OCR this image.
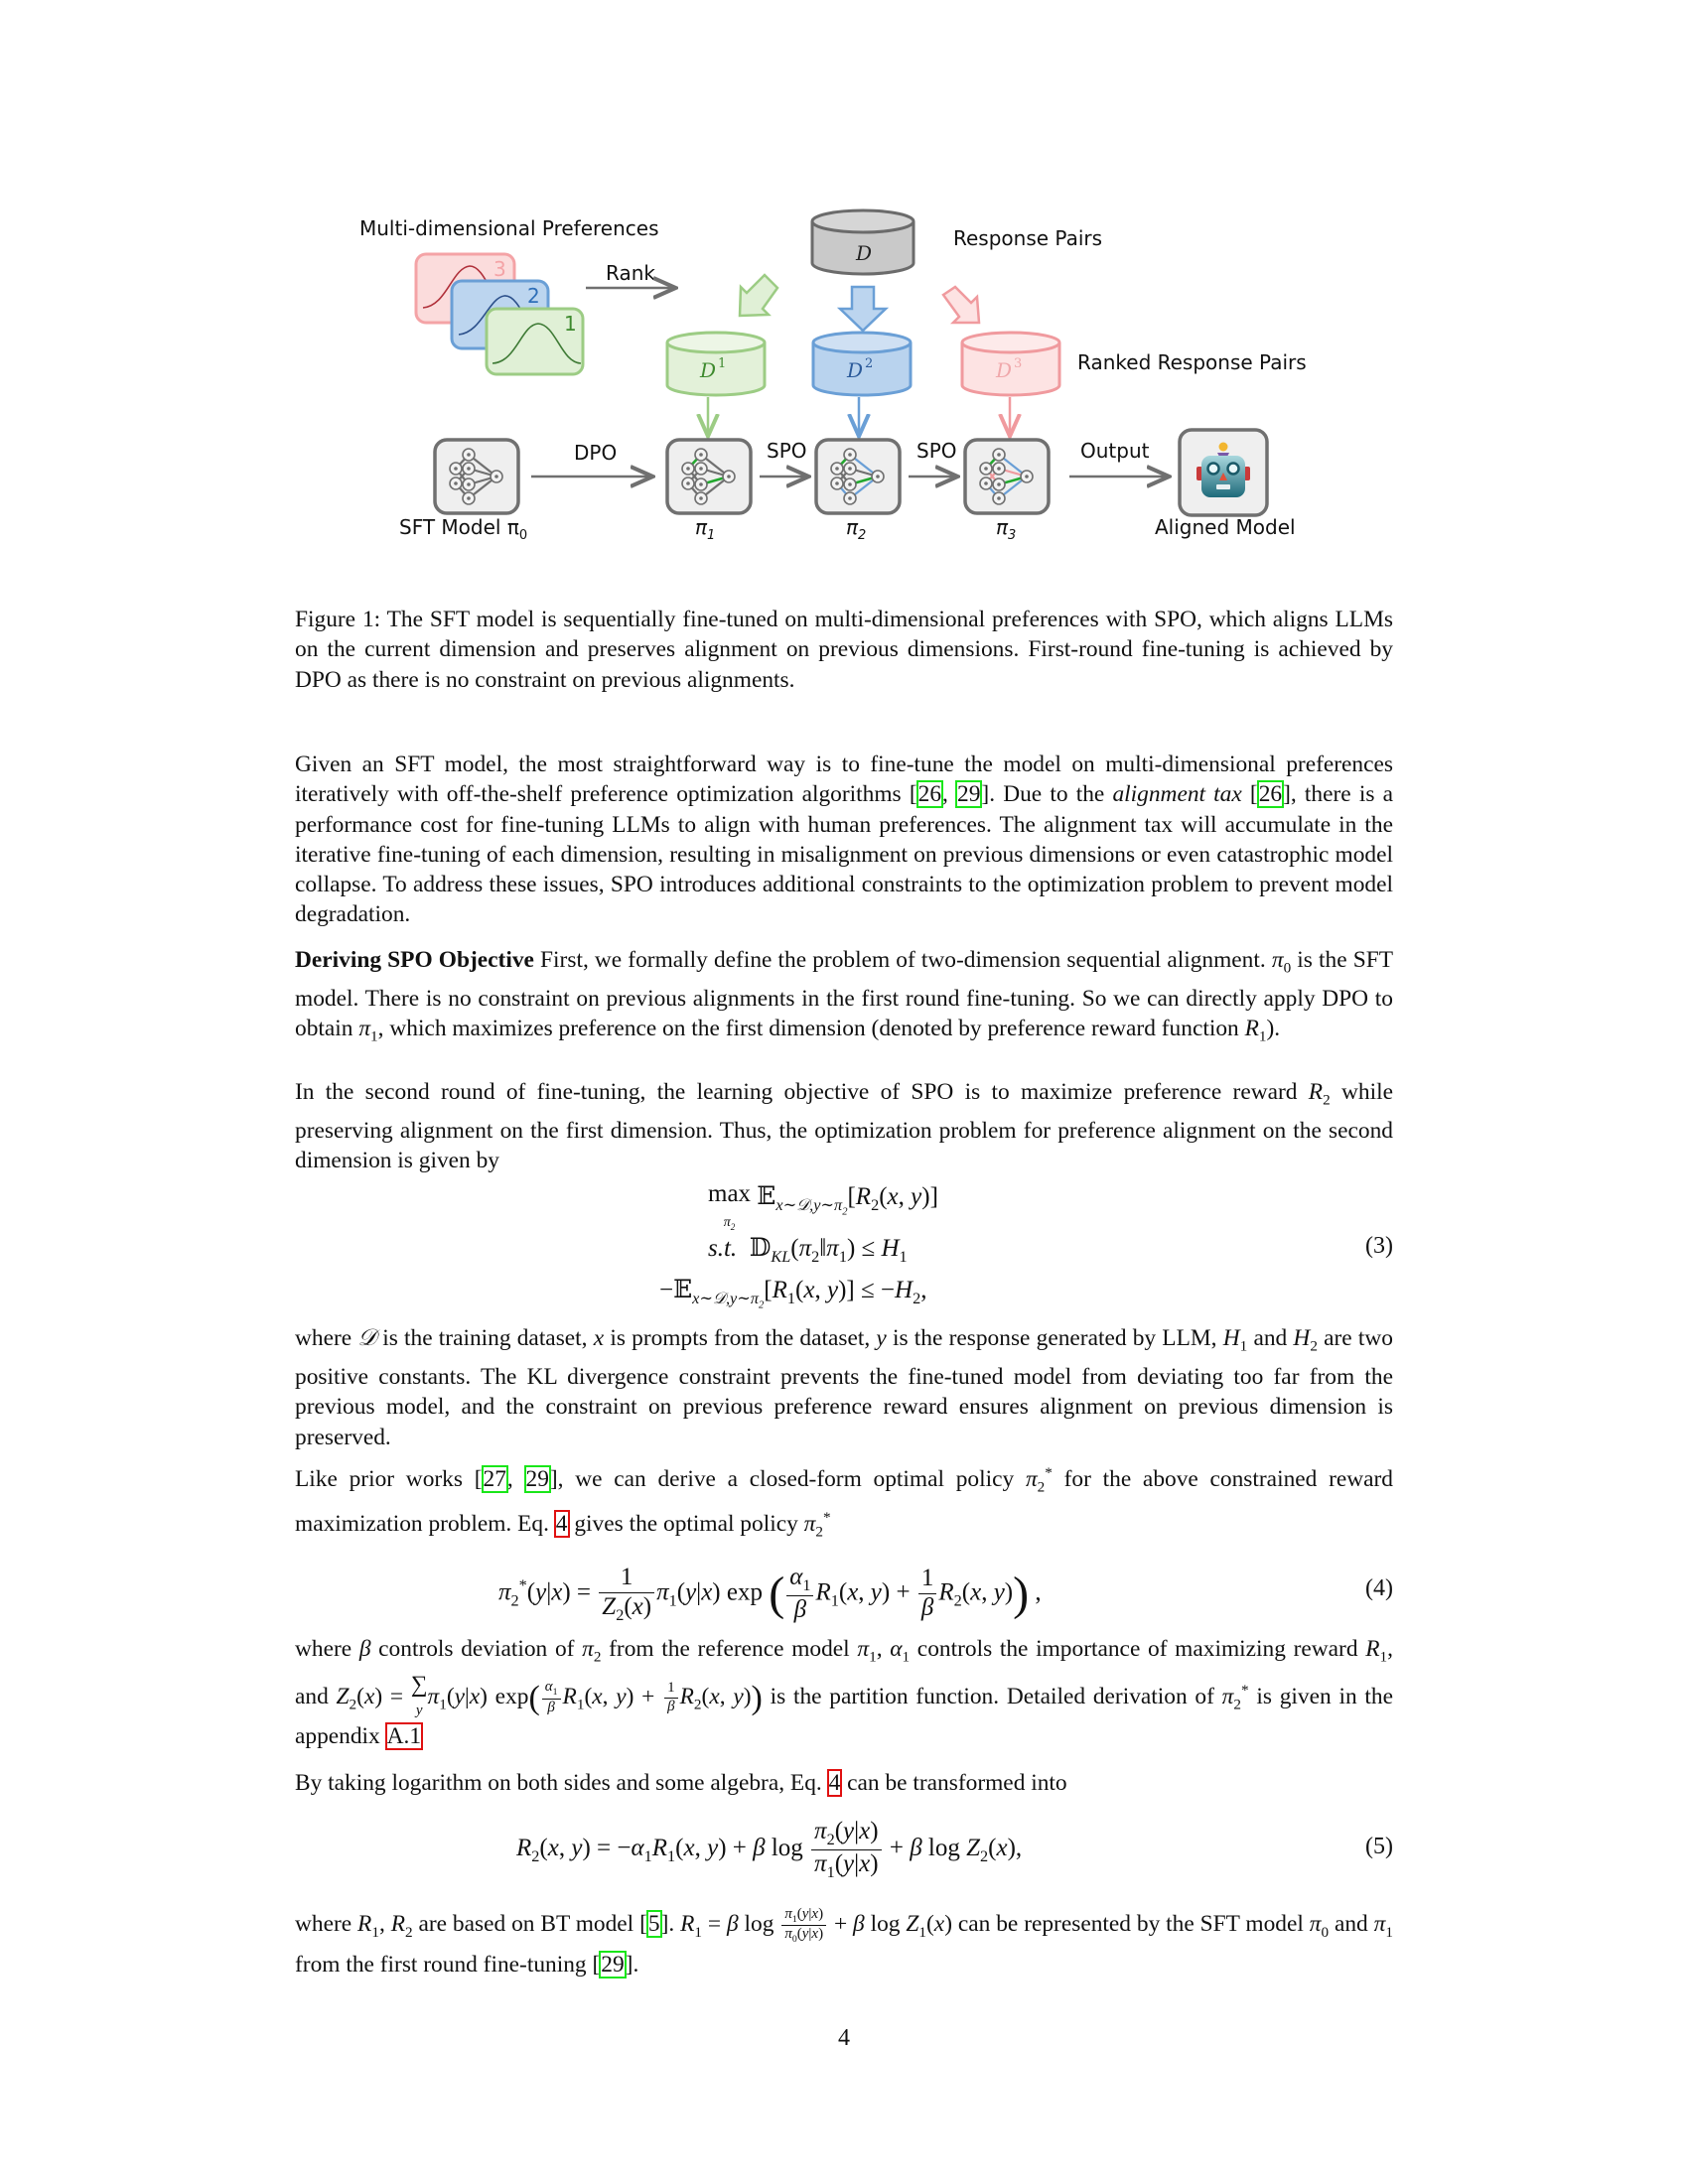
Multi-dimensional Preferences
Rank
Response Pairs
Ranked Response Pairs
DPO	SPO	SPO	Output
SFT Model $\pi_0$	$\pi_1$	$\pi_2$	$\pi_3$	Aligned Model
3
2
1
D
D 1	D 2	D 3

Figure 1: The SFT model is sequentially fine-tuned on multi-dimensional preferences with SPO, which aligns LLMs on the current dimension and preserves alignment on previous dimensions. First-round fine-tuning is achieved by DPO as there is no constraint on previous alignments.

Given an SFT model, the most straightforward way is to fine-tune the model on multi-dimensional preferences iteratively with off-the-shelf preference optimization algorithms [26, 29]. Due to the alignment tax [26], there is a performance cost for fine-tuning LLMs to align with human preferences. The alignment tax will accumulate in the iterative fine-tuning of each dimension, resulting in misalignment on previous dimensions or even catastrophic model collapse. To address these issues, SPO introduces additional constraints to the optimization problem to prevent model degradation.

Deriving SPO Objective First, we formally define the problem of two-dimension sequential alignment. $\pi_0$ is the SFT model. There is no constraint on previous alignments in the first round fine-tuning. So we can directly apply DPO to obtain $\pi_1$, which maximizes preference on the first dimension (denoted by preference reward function $R_1$).

In the second round of fine-tuning, the learning objective of SPO is to maximize preference reward $R_2$ while preserving alignment on the first dimension. Thus, the optimization problem for preference alignment on the second dimension is given by

max
$\pi_2$ $𝔼_{x\sim 𝒟,y\sim\pi_2}[R_2(x$, y)]
s.t. $𝔻_{KL}(\pi_2‖\pi_1) \le H_1$
$-𝔼_{x\sim 𝒟,y\sim\pi_2}[R_1(x$, $y)] \le -H_2$,
(3)

where 𝒟 is the training dataset, x is prompts from the dataset, y is the response generated by LLM, $H_1$ and $H_2$ are two positive constants. The KL divergence constraint prevents the fine-tuned model from deviating too far from the previous model, and the constraint on previous preference reward ensures alignment on previous dimension is preserved.

Like prior works [27, 29], we can derive a closed-form optimal policy $\pi_2^*$ for the above constrained reward maximization problem. Eq. 4 gives the optimal policy $\pi_2^*$

$\pi_2^*(y|x) = \frac{1}{Z_2(x)} \pi_1(y|x)$ exp ( $\frac{\alpha_1}{\beta} R_1(x$, $y) + \frac{1}{\beta} R_2(x$, y)) ,	(4)

where β controls deviation of $\pi_2$ from the reference model $\pi_1$, $\alpha_1$ controls the importance of maximizing reward $R_1$, and $Z_2(x)$ = ∑
$y\pi_1(y|x)$ $\exp( \frac{\alpha_1}{\beta} R_1(x$, $y) + \frac{1}{\beta} R_2(x$, y)) is the partition function. Detailed derivation of $\pi_2^*$ is given in the appendix A.1

By taking logarithm on both sides and some algebra, Eq. 4 can be transformed into

$R_2(x$, $y) = -\alpha_1R_1(x$, y) + β $\log \frac{\pi_2(y|x)}{\pi_1(y|x)} + \beta$ $\log Z_2(x)$,	(5)

where $R_1$, $R_2$ are based on BT model [5]. $R_1 = \beta$ $\log \frac{\pi_1(y|x)}{\pi_0(y|x)} + \beta$ $\log Z_1(x)$ can be represented by the SFT model $\pi_0$ and $\pi_1$ from the first round fine-tuning [29].

4
